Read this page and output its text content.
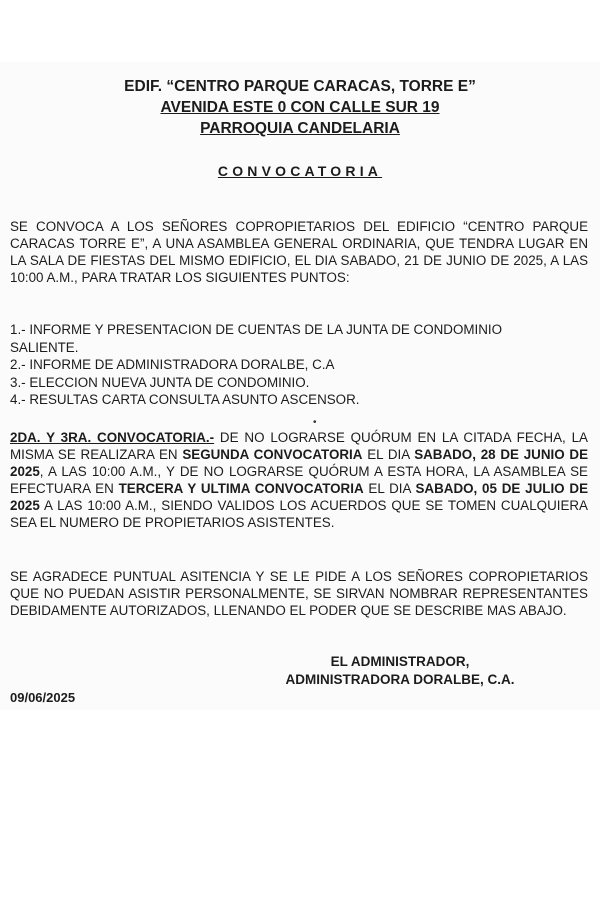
EDIF. “CENTRO PARQUE CARACAS, TORRE E”
AVENIDA ESTE 0 CON CALLE SUR 19
PARROQUIA CANDELARIA
CONVOCATORIA
SE CONVOCA A LOS SEÑORES COPROPIETARIOS DEL EDIFICIO “CENTRO PARQUE CARACAS TORRE E”, A UNA ASAMBLEA GENERAL ORDINARIA, QUE TENDRA LUGAR EN LA SALA DE FIESTAS DEL MISMO EDIFICIO, EL DIA SABADO, 21 DE JUNIO DE 2025, A LAS 10:00 A.M., PARA TRATAR LOS SIGUIENTES PUNTOS:
1.- INFORME Y PRESENTACION DE CUENTAS DE LA JUNTA DE CONDOMINIO
SALIENTE.
2.- INFORME DE ADMINISTRADORA DORALBE, C.A
3.- ELECCION NUEVA JUNTA DE CONDOMINIO.
4.- RESULTAS CARTA CONSULTA ASUNTO ASCENSOR.
•
2DA. Y 3RA. CONVOCATORIA.- DE NO LOGRARSE QUÓRUM EN LA CITADA FECHA, LA MISMA SE REALIZARA EN SEGUNDA CONVOCATORIA EL DIA SABADO, 28 DE JUNIO DE 2025, A LAS 10:00 A.M., Y DE NO LOGRARSE QUÓRUM A ESTA HORA, LA ASAMBLEA SE EFECTUARA EN TERCERA Y ULTIMA CONVOCATORIA EL DIA SABADO, 05 DE JULIO DE 2025 A LAS 10:00 A.M., SIENDO VALIDOS LOS ACUERDOS QUE SE TOMEN CUALQUIERA SEA EL NUMERO DE PROPIETARIOS ASISTENTES.
SE AGRADECE PUNTUAL ASITENCIA Y SE LE PIDE A LOS SEÑORES COPROPIETARIOS QUE NO PUEDAN ASISTIR PERSONALMENTE, SE SIRVAN NOMBRAR REPRESENTANTES DEBIDAMENTE AUTORIZADOS, LLENANDO EL PODER QUE SE DESCRIBE MAS ABAJO.
EL ADMINISTRADOR,
ADMINISTRADORA DORALBE, C.A.
09/06/2025
